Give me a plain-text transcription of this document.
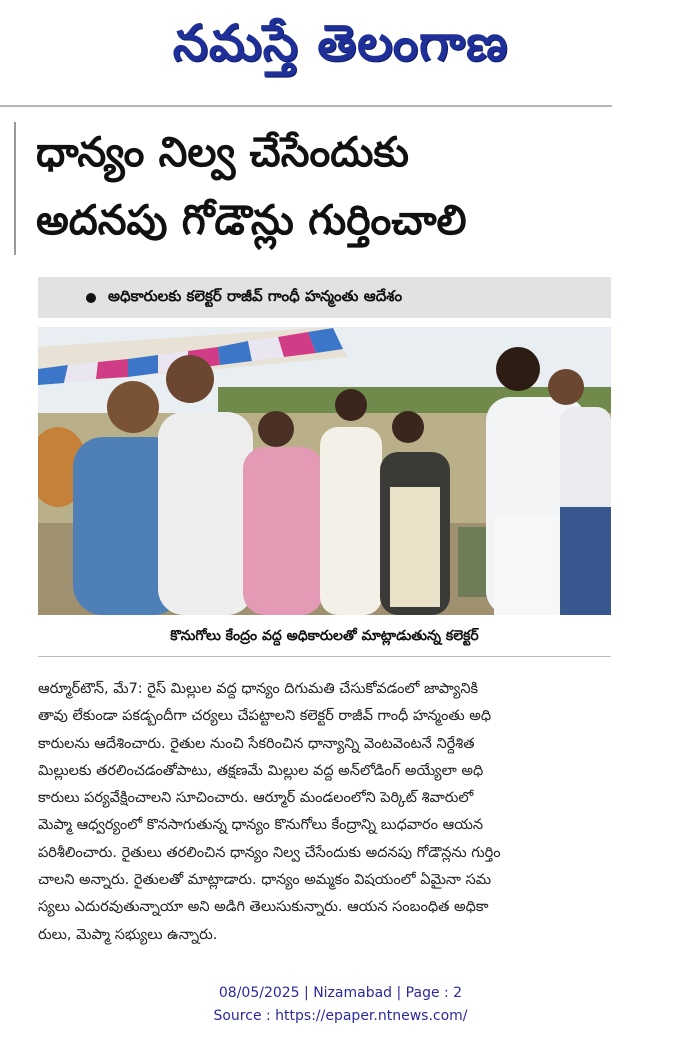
నమస్తే తెలంగాణ
ధాన్యం నిల్వ చేసేందుకు
అదనపు గోడౌన్లు గుర్తించాలి
అధికారులకు కలెక్టర్ రాజీవ్ గాంధీ హన్మంతు ఆదేశం
కొనుగోలు కేంద్రం వద్ద అధికారులతో మాట్లాడుతున్న కలెక్టర్
ఆర్మూర్‌టౌన్, మే7: రైస్ మిల్లుల వద్ద ధాన్యం దిగుమతి చేసుకోవడంలో జాప్యానికి
తావు లేకుండా పకడ్బందీగా చర్యలు చేపట్టాలని కలెక్టర్ రాజీవ్ గాంధీ హన్మంతు అధి
కారులను ఆదేశించారు. రైతుల నుంచి సేకరించిన ధాన్యాన్ని వెంటవెంటనే నిర్దేశిత
మిల్లులకు తరలించడంతోపాటు, తక్షణమే మిల్లుల వద్ద అన్‌లోడింగ్ అయ్యేలా అధి
కారులు పర్యవేక్షించాలని సూచించారు. ఆర్మూర్ మండలంలోని పెర్కిట్ శివారులో
మెప్మా ఆధ్వర్యంలో కొనసాగుతున్న ధాన్యం కొనుగోలు కేంద్రాన్ని బుధవారం ఆయన
పరిశీలించారు. రైతులు తరలించిన ధాన్యం నిల్వ చేసేందుకు అదనపు గోడౌన్లను గుర్తిం
చాలని అన్నారు. రైతులతో మాట్లాడారు. ధాన్యం అమ్మకం విషయంలో ఏమైనా సమ
స్యలు ఎదురవుతున్నాయా అని అడిగి తెలుసుకున్నారు. ఆయన సంబంధిత అధికా
రులు, మెప్మా సభ్యులు ఉన్నారు.
08/05/2025 | Nizamabad | Page : 2
Source : https://epaper.ntnews.com/
